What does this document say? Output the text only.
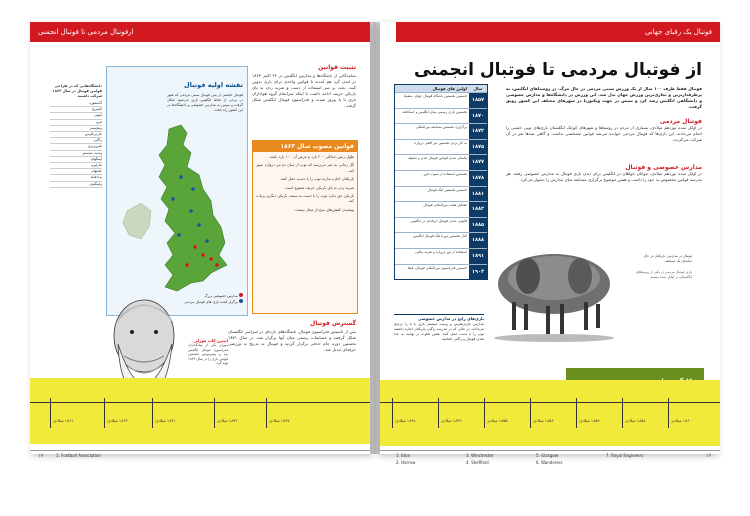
ارفوتبال مردمی تا فوتبال انجمنی
دانشگاه‌هایی که در طراحی قوانین فوتبال در سال ۱۸۶۳ شرکت داشتند
آکسفورد
کمبریج
ایتون
هرو
وینچستر
چارترهاوس
راگبی
شروزبری
وست مینستر
آپینگهام
مارلبرو
چلتنهام
برادفیلد
ولینگتون
نقشه اولیه فوتبال
فوتبال انجمنی از پس فوتبال سنتی مردمی که هنوز در برخی از نقاط انگلیس بازی می‌شود شکل گرفت و سپس به مدارس خصوصی و دانشگاه‌ها در این کشور راه یافت.
مدارس خصوصی بزرگ
برگزار کننده بازی های فوتبال مردمی
تثبیت قوانین
نمایندگانی از باشگاه‌ها و مدارس انگلیس در ۲۶ اکتبر ۱۸۶۳ در لندن گرد هم آمدند تا قوانین واحدی برای بازی تدوین کنند. بحث بر سر استفاده از دست و ضربه زدن به پای بازیکن حریف ادامه داشت تا اینکه سرانجام گروه هواداران بازی با پا پیروز شدند و فدراسیون فوتبال انگلیس شکل گرفت.
قوانین مصوب سال ۱۸۶۳
طول زمین حداکثر ۲۰۰ یارد و عرض آن ۱۰۰ یارد باشد.
گل زمانی به ثمر می‌رسد که توپ از میان دو تیر دروازه عبور کند.
بازیکنان اجازه ندارند توپ را با دست حمل کنند.
ضربه زدن به پای بازیکن حریف ممنوع است.
بازیکن حق ندارد توپ را با دست به سمت بازیکن دیگری پرتاب کند.
پوشیدن کفش‌های میخ‌دار مجاز نیست.
گسترش فوتبال
پس از تاسیس فدراسیون فوتبال، باشگاه‌های تازه‌ای در سراسر انگلستان شکل گرفتند و مسابقات رسمی میان آنها برگزار شد. در سال ۱۸۷۱ نخستین دوره جام حذفی برگزار گردید و فوتبال به تدریج به ورزشی حرفه‌ای تبدیل شد.
ایبنزر کاب مورلی
مورلی یکی از بنیانگذاران فدراسیون فوتبال انگلیس بود و پیش‌نویس نخستین قوانین بازی را در سال ۱۸۶۳ تهیه کرد.
۱۷	1. Football Association
۱۸۶۱ میلادی	۱۸۶۳ میلادی	۱۸۷۱ میلادی	۱۸۷۲ میلادی	۱۸۷۷ میلادی
فوتبال یک رقبای جهانی
از فوتبال مردمی تا فوتبال انجمنی
فوتبال فقط ظرف ۱۰۰ سال از یک ورزش سنتی مردمی در حال مرگ، در روستاهای انگلیس، به پرطرفدارترین و تجاری‌ترین ورزش جهان بدل شد. این ورزش در دانشگاه‌ها و مدارس خصوصی و دانشگاهی انگلیس رشد کرد و سپس در جهت ویکتوریا در شهرهای مختلف این کشور رونق گرفت.
فوتبال مردمی
در اوایل سده نوزدهم میلادی، بسیاری از مردم در روستاها و شهرهای کوچک انگلستان بازی‌های توپی خشنی را انجام می‌دادند. این بازی‌ها که فوتبال مردمی خوانده می‌شد قوانین مشخصی نداشت و گاهی صدها نفر در آن شرکت می‌کردند.
مدارس خصوصی و فوتبال
در اوایل سده نوزدهم میلادی، جوانان خواهان در انگلیس برای دیدن بازی فوتبال به مدارس خصوصی رفتند. هر مدرسه قوانین مخصوص به خود را داشت و همین موضوع برگزاری مسابقه میان مدارس را دشوار می‌کرد.
سال
اولین های فوتبال
۱۸۵۷
تاسیس نخستین باشگاه فوتبال جهان، شفیلد
۱۸۷۰
نخستین بازی رسمی میان انگلیس و اسکاتلند
۱۸۷۲
برگزاری نخستین مسابقه بین‌المللی
۱۸۷۵
به کار بردن نخستین تیر افقی دروازه
۱۸۷۷
یکسان شدن قوانین فوتبال لندن و شفیلد
۱۸۷۸
نخستین استفاده از سوت داور
۱۸۸۱
تاسیس نخستین لیگ فوتبال
۱۸۸۲
تشکیل هیئت بین‌المللی فوتبال
۱۸۸۵
قانونی شدن فوتبال حرفه‌ای در انگلیس
۱۸۸۸
آغاز نخستین دوره لیگ فوتبال انگلیس
۱۸۹۱
استفاده از تور دروازه و ضربه پنالتی
۱۹۰۴
تاسیس فدراسیون بین‌المللی فوتبال، فیفا
فوتبال در مدارس: بازیکنان در حال تماشای یک مسابقه
بازی فوتبال مردمی در یکی از روستاهای انگلستان در اوایل سده بیستم
بازی‌های رایج در مدارس خصوصی
مدارس چارترهاوس و وست مینستر بازی با پا را ترجیح می‌دادند، در حالی که در مدرسه راگبی بازیکنان اجازه داشتند توپ را با دست حمل کنند. همین تفاوت در نهایت به جدا شدن فوتبال و راگبی انجامید.
۱۶
۱۸۴۸ میلادی	۱۸۴۹ میلادی	۱۸۵۵ میلادی	۱۸۵۶ میلادی	۱۸۵۷ میلادی	۱۸۵۸ میلادی	۱۸۶۰ میلادی
1. Eton
2. Harrow
3. Winchester
4. Sheffield
5. Glasgow
6. Wanderers
7. Royal Engineers
